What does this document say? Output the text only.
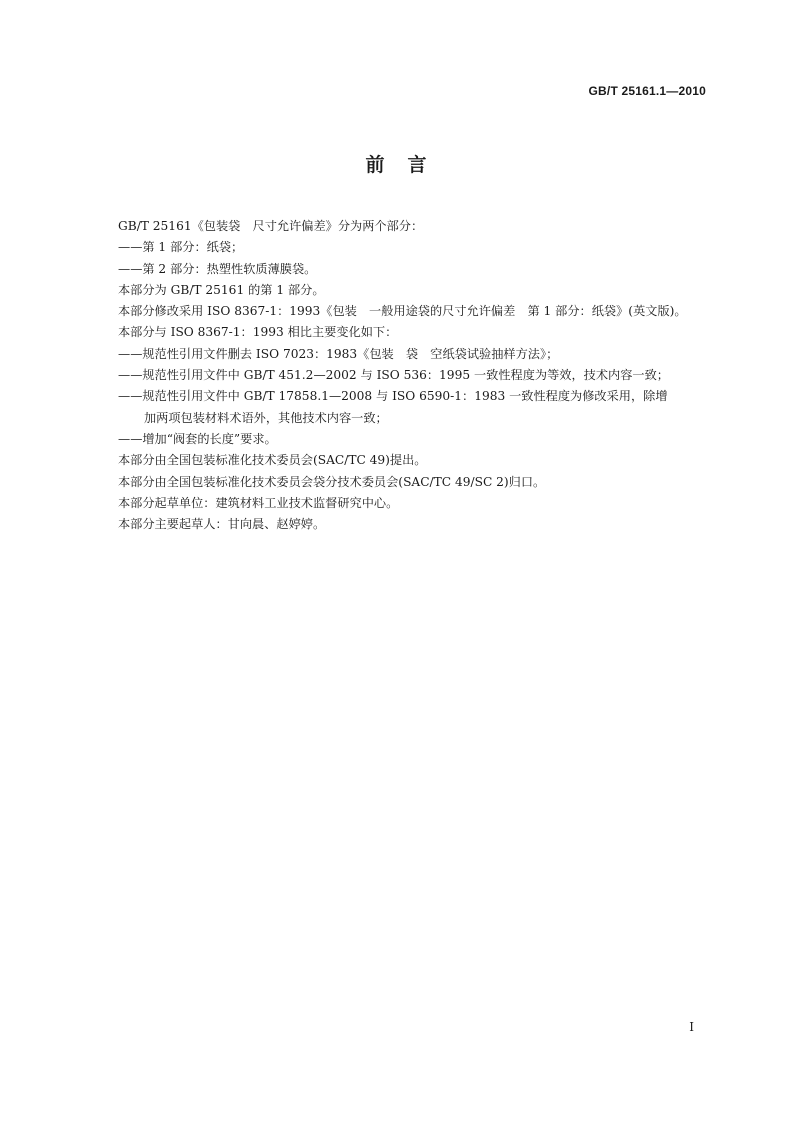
GB/T 25161.1—2010
前　言
GB/T 25161《包装袋　尺寸允许偏差》分为两个部分：
——第 1 部分：纸袋；
——第 2 部分：热塑性软质薄膜袋。
本部分为 GB/T 25161 的第 1 部分。
本部分修改采用 ISO 8367-1：1993《包装　一般用途袋的尺寸允许偏差　第 1 部分：纸袋》(英文版)。
本部分与 ISO 8367-1：1993 相比主要变化如下：
——规范性引用文件删去 ISO 7023：1983《包装　袋　空纸袋试验抽样方法》；
——规范性引用文件中 GB/T 451.2—2002 与 ISO 536：1995 一致性程度为等效，技术内容一致；
——规范性引用文件中 GB/T 17858.1—2008 与 ISO 6590-1：1983 一致性程度为修改采用，除增
加两项包装材料术语外，其他技术内容一致；
——增加“阀套的长度”要求。
本部分由全国包装标准化技术委员会(SAC/TC 49)提出。
本部分由全国包装标准化技术委员会袋分技术委员会(SAC/TC 49/SC 2)归口。
本部分起草单位：建筑材料工业技术监督研究中心。
本部分主要起草人：甘向晨、赵婷婷。
I
